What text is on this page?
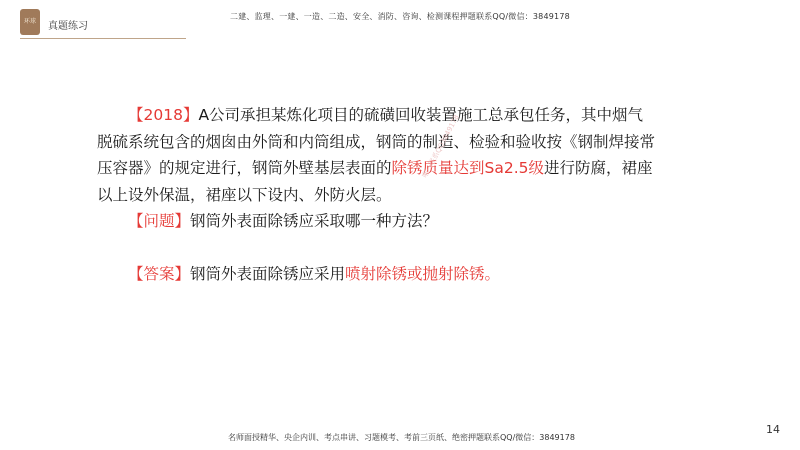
环球	真题练习
二建、监理、一建、一造、二造、安全、消防、咨询、检测课程押题联系QQ/微信：3849178

【2018】A公司承担某炼化项目的硫磺回收装置施工总承包任务，其中烟气脱硫系统包含的烟囱由外筒和内筒组成，钢筒的制造、检验和验收按《钢制焊接常压容器》的规定进行，钢筒外壁基层表面的除锈质量达到Sa2.5级进行防腐，裙座以上设外保温，裙座以下设内、外防火层。

【问题】钢筒外表面除锈应采取哪一种方法？

【答案】钢筒外表面除锈应采用喷射除锈或抛射除锈。

唯一联系QQ3849178
14
名师面授精华、央企内训、考点串讲、习题模考、考前三页纸、绝密押题联系QQ/微信：3849178
